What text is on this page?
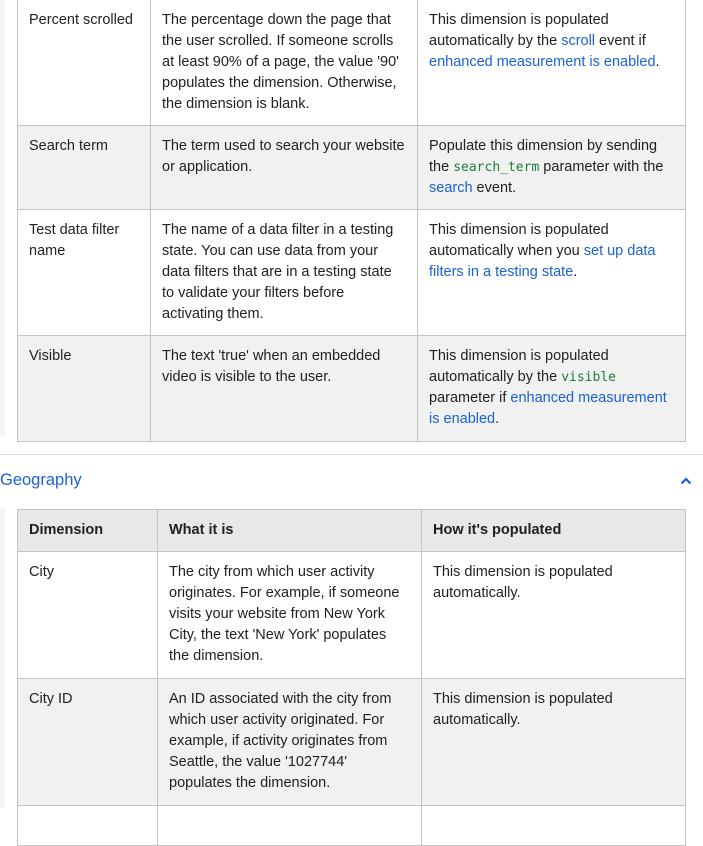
Percent scrolled	The percentage down the page that the user scrolled. If someone scrolls at least 90% of a page, the value '90' populates the dimension. Otherwise, the dimension is blank.	This dimension is populated automatically by the scroll event if enhanced measurement is enabled.
Search term	The term used to search your website or application.	Populate this dimension by sending the search_term parameter with the search event.
Test data filter name	The name of a data filter in a testing state. You can use data from your data filters that are in a testing state to validate your filters before activating them.	This dimension is populated automatically when you set up data filters in a testing state.
Visible	The text 'true' when an embedded video is visible to the user.	This dimension is populated automatically by the visible parameter if enhanced measurement is enabled.
Geography
Dimension	What it is	How it's populated
City	The city from which user activity originates. For example, if someone visits your website from New York City, the text 'New York' populates the dimension.	This dimension is populated automatically.
City ID	An ID associated with the city from which user activity originated. For example, if activity originates from Seattle, the value '1027744' populates the dimension.	This dimension is populated automatically.
